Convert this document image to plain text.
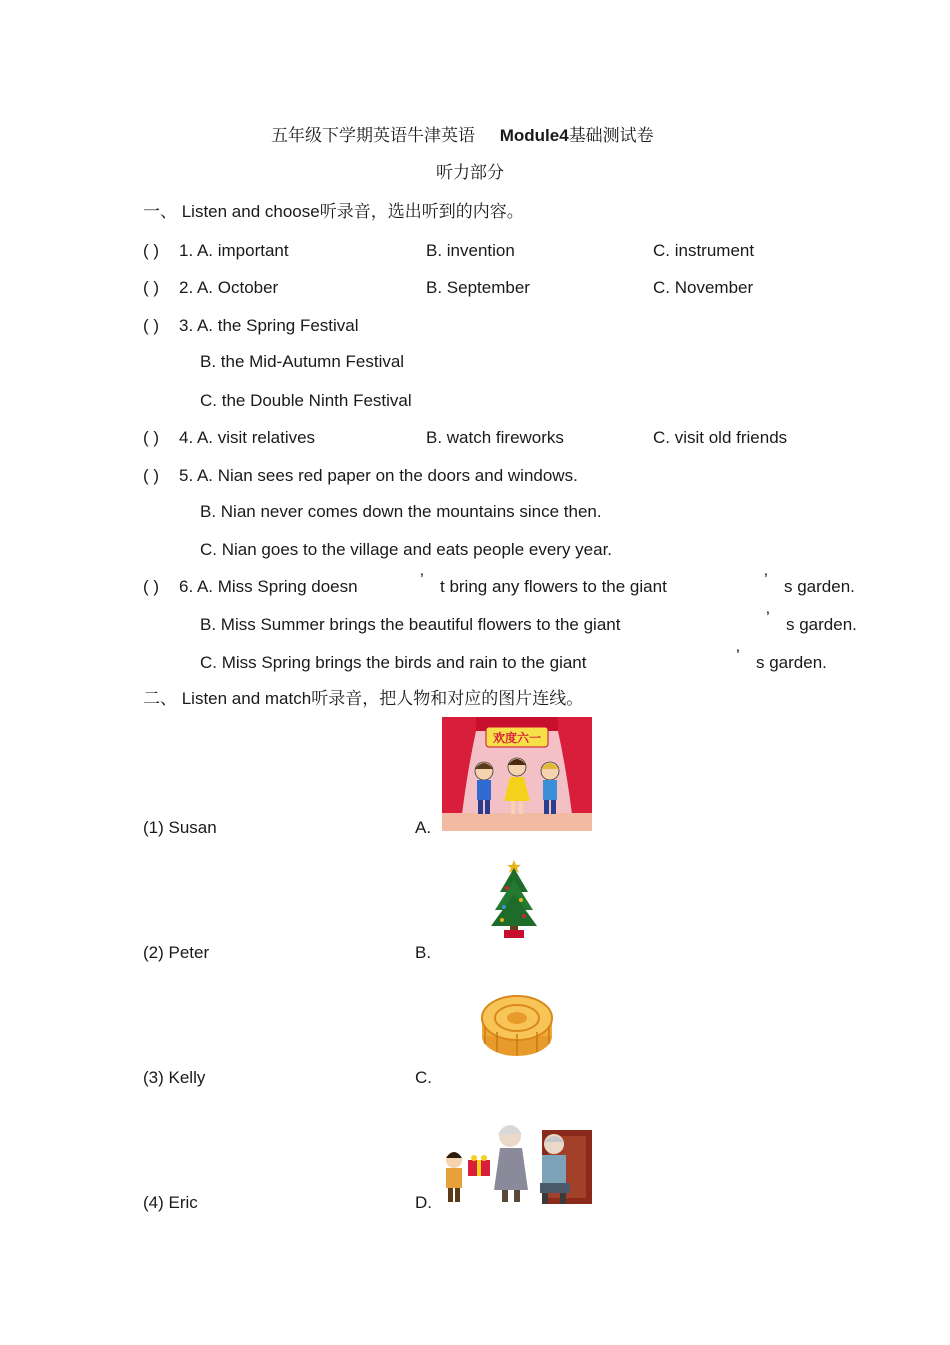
五年级下学期英语牛津英语 Module4基础测试卷
听力部分
一、 Listen and choose听录音，选出听到的内容。
( ) 1. A. important	B. invention	C. instrument
( ) 2. A. October	B. September	C. November
( ) 3. A. the Spring Festival
B. the Mid-Autumn Festival
C. the Double Ninth Festival
( ) 4. A. visit relatives	B. watch fireworks	C. visit old friends
( ) 5. A. Nian sees red paper on the doors and windows.
B. Nian never comes down the mountains since then.
C. Nian goes to the village and eats people every year.
( ) 6. A. Miss Spring doesn	’ t bring any flowers to the giant	’ s garden.
B. Miss Summer brings the beautiful flowers to the giant	’ s garden.
C. Miss Spring brings the birds and rain to the giant	’ s garden.
二、 Listen and match听录音，把人物和对应的图片连线。
(1) Susan	A.
(2) Peter	B.
(3) Kelly	C.
(4) Eric	D.
欢度六一
